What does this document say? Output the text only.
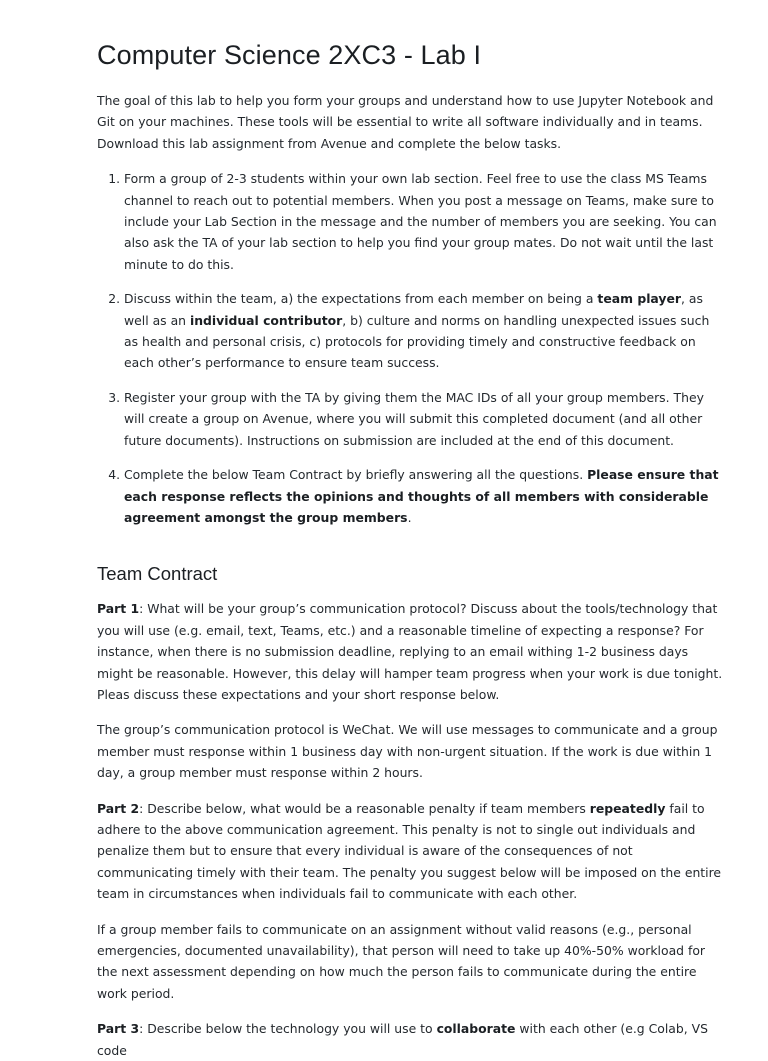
Computer Science 2XC3 - Lab I

The goal of this lab to help you form your groups and understand how to use Jupyter Notebook and Git on your machines. These tools will be essential to write all software individually and in teams. Download this lab assignment from Avenue and complete the below tasks.

1. Form a group of 2-3 students within your own lab section. Feel free to use the class MS Teams channel to reach out to potential members. When you post a message on Teams, make sure to include your Lab Section in the message and the number of members you are seeking. You can also ask the TA of your lab section to help you find your group mates. Do not wait until the last minute to do this.
2. Discuss within the team, a) the expectations from each member on being a team player, as well as an individual contributor, b) culture and norms on handling unexpected issues such as health and personal crisis, c) protocols for providing timely and constructive feedback on each other’s performance to ensure team success.
3. Register your group with the TA by giving them the MAC IDs of all your group members. They will create a group on Avenue, where you will submit this completed document (and all other future documents). Instructions on submission are included at the end of this document.
4. Complete the below Team Contract by briefly answering all the questions. Please ensure that each response reflects the opinions and thoughts of all members with considerable agreement amongst the group members.
Team Contract

Part 1: What will be your group’s communication protocol? Discuss about the tools/technology that you will use (e.g. email, text, Teams, etc.) and a reasonable timeline of expecting a response? For instance, when there is no submission deadline, replying to an email withing 1-2 business days might be reasonable. However, this delay will hamper team progress when your work is due tonight. Pleas discuss these expectations and your short response below.

The group’s communication protocol is WeChat. We will use messages to communicate and a group member must response within 1 business day with non-urgent situation. If the work is due within 1 day, a group member must response within 2 hours.

Part 2: Describe below, what would be a reasonable penalty if team members repeatedly fail to adhere to the above communication agreement. This penalty is not to single out individuals and penalize them but to ensure that every individual is aware of the consequences of not communicating timely with their team. The penalty you suggest below will be imposed on the entire team in circumstances when individuals fail to communicate with each other.

If a group member fails to communicate on an assignment without valid reasons (e.g., personal emergencies, documented unavailability), that person will need to take up 40%-50% workload for the next assessment depending on how much the person fails to communicate during the entire work period.

Part 3: Describe below the technology you will use to collaborate with each other (e.g Colab, VS code
